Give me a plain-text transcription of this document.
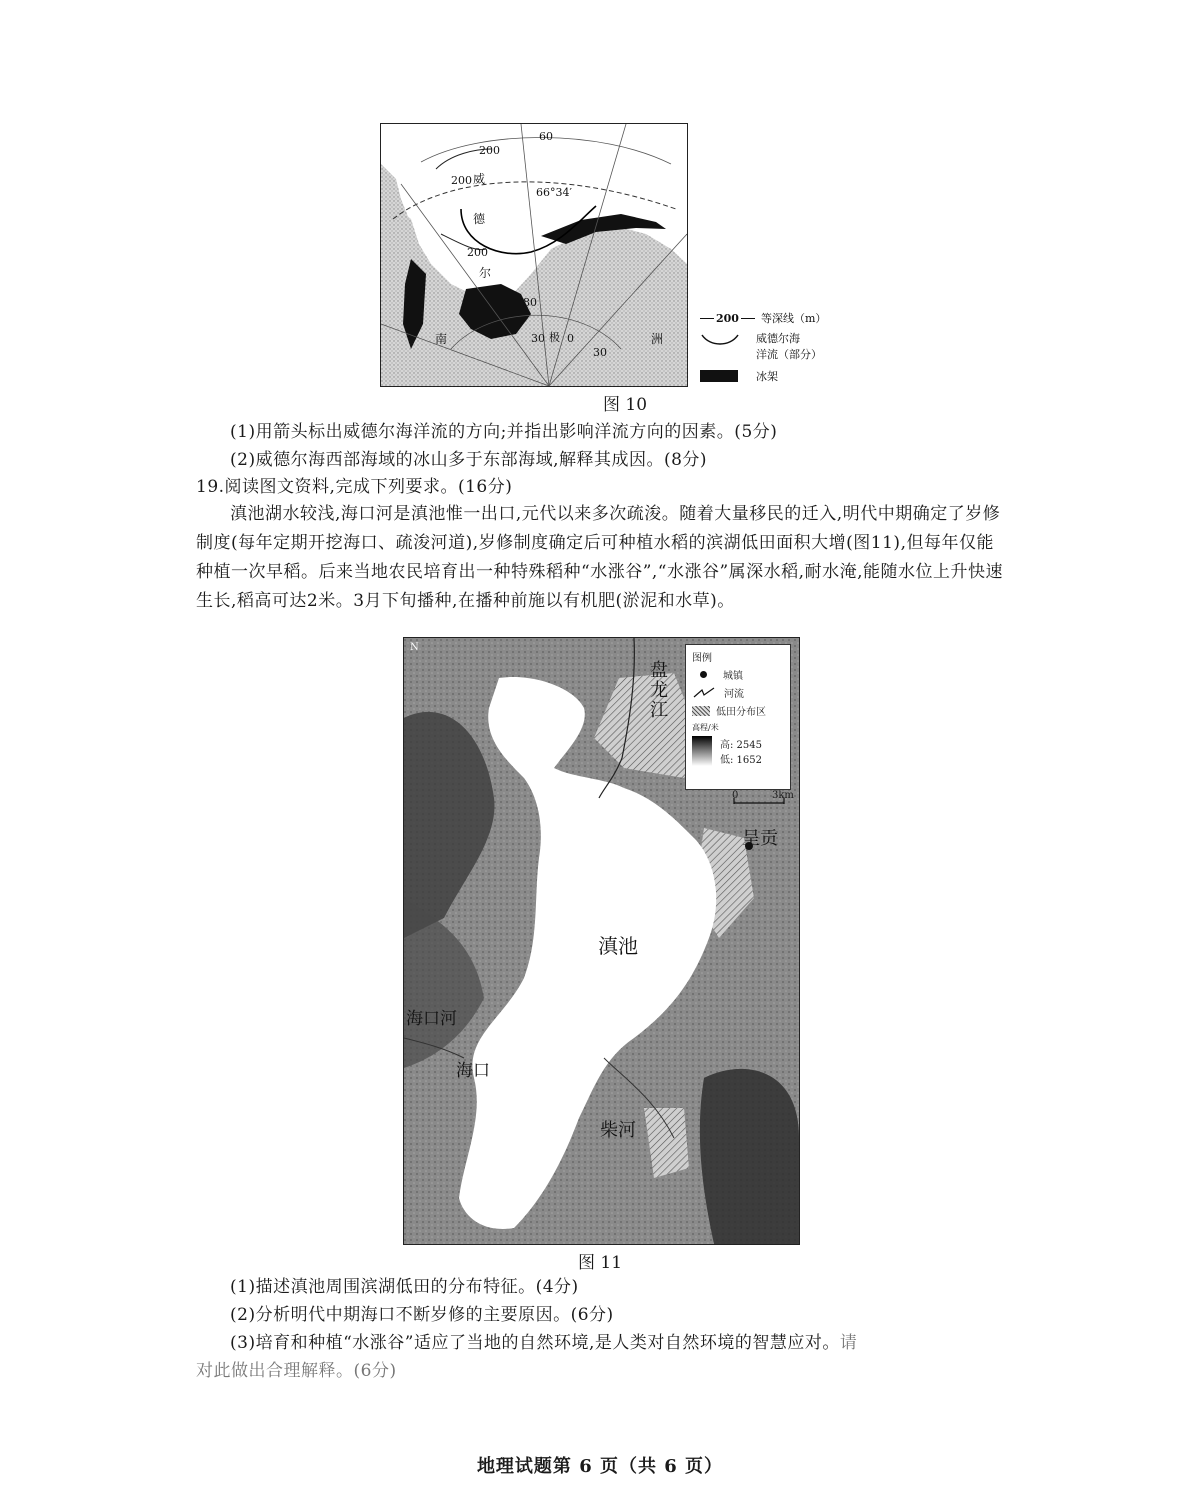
60
200
200 威
66°34′
德
200
尔
80
极
30 0
30
南	洲
200 等深线（m）
威德尔海
洋流（部分）
冰架
图 10
(1)用箭头标出威德尔海洋流的方向;并指出影响洋流方向的因素。(5分)
(2)威德尔海西部海域的冰山多于东部海域,解释其成因。(8分)
19.阅读图文资料,完成下列要求。(16分)
滇池湖水较浅,海口河是滇池惟一出口,元代以来多次疏浚。随着大量移民的迁入,明代中期确定了岁修制度(每年定期开挖海口、疏浚河道),岁修制度确定后可种植水稻的滨湖低田面积大增(图11),但每年仅能种植一次早稻。后来当地农民培育出一种特殊稻种“水涨谷”,“水涨谷”属深水稻,耐水淹,能随水位上升快速生长,稻高可达2米。3月下旬播种,在播种前施以有机肥(淤泥和水草)。
N
图例
城镇
河流
低田分布区
高程/米
高: 2545
低: 1652
0	3km
盘龙江
呈贡
滇池
海口河
海口
柴河
图 11
(1)描述滇池周围滨湖低田的分布特征。(4分)
(2)分析明代中期海口不断岁修的主要原因。(6分)
(3)培育和种植“水涨谷”适应了当地的自然环境,是人类对自然环境的智慧应对。请
对此做出合理解释。(6分)
地理试题第 6 页（共 6 页）
